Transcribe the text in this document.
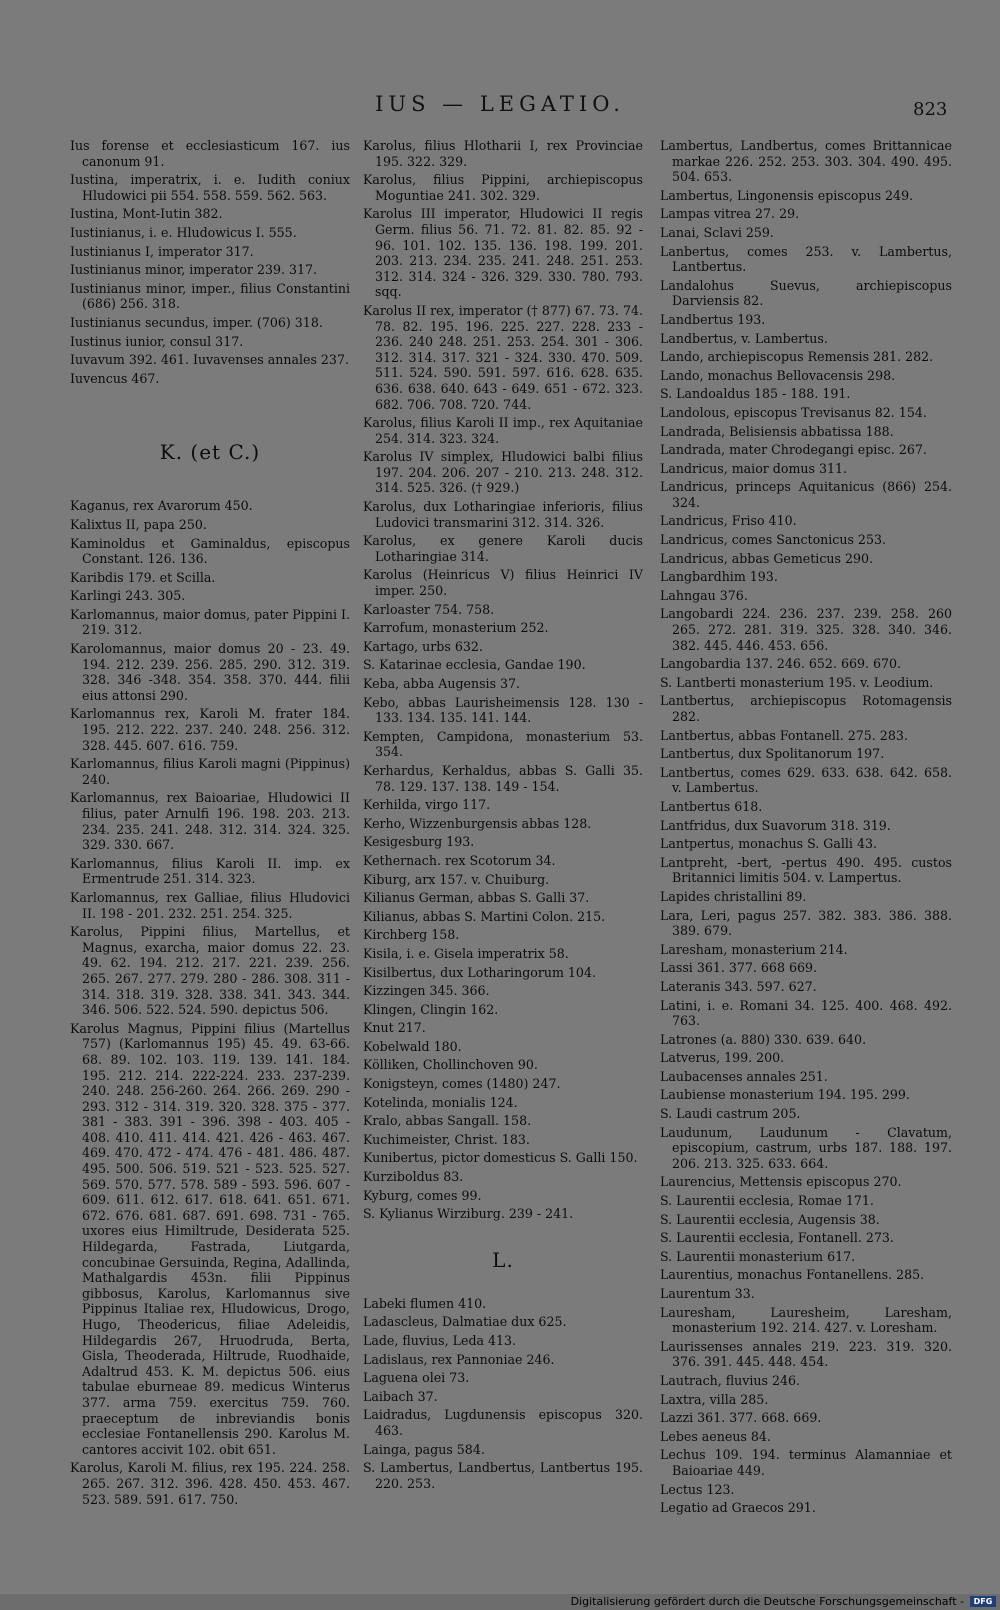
IUS — LEGATIO.	823
Ius forense et ecclesiasticum 167. ius canonum 91.
Iustina, imperatrix, i. e. Iudith coniux Hludowici pii 554. 558. 559. 562. 563.
Iustina, Mont-Iutin 382.
Iustinianus, i. e. Hludowicus I. 555.
Iustinianus I, imperator 317.
Iustinianus minor, imperator 239. 317.
Iustinianus minor, imper., filius Constantini (686) 256. 318.
Iustinianus secundus, imper. (706) 318.
Iustinus iunior, consul 317.
Iuvavum 392. 461. Iuvavenses annales 237.
Iuvencus 467.
K. (et C.)
Kaganus, rex Avarorum 450.
Kalixtus II, papa 250.
Kaminoldus et Gaminaldus, episcopus Constant. 126. 136.
Karibdis 179. et Scilla.
Karlingi 243. 305.
Karlomannus, maior domus, pater Pippini I. 219. 312.
Karolomannus, maior domus 20 - 23. 49. 194. 212. 239. 256. 285. 290. 312. 319. 328. 346 -348. 354. 358. 370. 444. filii eius attonsi 290.
Karlomannus rex, Karoli M. frater 184. 195. 212. 222. 237. 240. 248. 256. 312. 328. 445. 607. 616. 759.
Karlomannus, filius Karoli magni (Pippinus) 240.
Karlomannus, rex Baioariae, Hludowici II filius, pater Arnulfi 196. 198. 203. 213. 234. 235. 241. 248. 312. 314. 324. 325. 329. 330. 667.
Karlomannus, filius Karoli II. imp. ex Ermentrude 251. 314. 323.
Karlomannus, rex Galliae, filius Hludovici II. 198 - 201. 232. 251. 254. 325.
Karolus, Pippini filius, Martellus, et Magnus, exarcha, maior domus 22. 23. 49. 62. 194. 212. 217. 221. 239. 256. 265. 267. 277. 279. 280 - 286. 308. 311 - 314. 318. 319. 328. 338. 341. 343. 344. 346. 506. 522. 524. 590. depictus 506.
Karolus Magnus, Pippini filius (Martellus 757) (Karlomannus 195) 45. 49. 63-66. 68. 89. 102. 103. 119. 139. 141. 184. 195. 212. 214. 222-224. 233. 237-239. 240. 248. 256-260. 264. 266. 269. 290 - 293. 312 - 314. 319. 320. 328. 375 - 377. 381 - 383. 391 - 396. 398 - 403. 405 - 408. 410. 411. 414. 421. 426 - 463. 467. 469. 470. 472 - 474. 476 - 481. 486. 487. 495. 500. 506. 519. 521 - 523. 525. 527. 569. 570. 577. 578. 589 - 593. 596. 607 - 609. 611. 612. 617. 618. 641. 651. 671. 672. 676. 681. 687. 691. 698. 731 - 765. uxores eius Himiltrude, Desiderata 525. Hildegarda, Fastrada, Liutgarda, concubinae Gersuinda, Regina, Adallinda, Mathalgardis 453n. filii Pippinus gibbosus, Karolus, Karlomannus sive Pippinus Italiae rex, Hludowicus, Drogo, Hugo, Theodericus, filiae Adeleidis, Hildegardis 267, Hruodruda, Berta, Gisla, Theoderada, Hiltrude, Ruodhaide, Adaltrud 453. K. M. depictus 506. eius tabulae eburneae 89. medicus Winterus 377. arma 759. exercitus 759. 760. praeceptum de inbreviandis bonis ecclesiae Fontanellensis 290. Karolus M. cantores accivit 102. obit 651.
Karolus, Karoli M. filius, rex 195. 224. 258. 265. 267. 312. 396. 428. 450. 453. 467. 523. 589. 591. 617. 750.
Karolus, filius Hlotharii I, rex Provinciae 195. 322. 329.
Karolus, filius Pippini, archiepiscopus Moguntiae 241. 302. 329.
Karolus III imperator, Hludowici II regis Germ. filius 56. 71. 72. 81. 82. 85. 92 - 96. 101. 102. 135. 136. 198. 199. 201. 203. 213. 234. 235. 241. 248. 251. 253. 312. 314. 324 - 326. 329. 330. 780. 793. sqq.
Karolus II rex, imperator († 877) 67. 73. 74. 78. 82. 195. 196. 225. 227. 228. 233 - 236. 240 248. 251. 253. 254. 301 - 306. 312. 314. 317. 321 - 324. 330. 470. 509. 511. 524. 590. 591. 597. 616. 628. 635. 636. 638. 640. 643 - 649. 651 - 672. 323. 682. 706. 708. 720. 744.
Karolus, filius Karoli II imp., rex Aquitaniae 254. 314. 323. 324.
Karolus IV simplex, Hludowici balbi filius 197. 204. 206. 207 - 210. 213. 248. 312. 314. 525. 326. († 929.)
Karolus, dux Lotharingiae inferioris, filius Ludovici transmarini 312. 314. 326.
Karolus, ex genere Karoli ducis Lotharingiae 314.
Karolus (Heinricus V) filius Heinrici IV imper. 250.
Karloaster 754. 758.
Karrofum, monasterium 252.
Kartago, urbs 632.
S. Katarinae ecclesia, Gandae 190.
Keba, abba Augensis 37.
Kebo, abbas Laurisheimensis 128. 130 - 133. 134. 135. 141. 144.
Kempten, Campidona, monasterium 53. 354.
Kerhardus, Kerhaldus, abbas S. Galli 35. 78. 129. 137. 138. 149 - 154.
Kerhilda, virgo 117.
Kerho, Wizzenburgensis abbas 128.
Kesigesburg 193.
Kethernach. rex Scotorum 34.
Kiburg, arx 157. v. Chuiburg.
Kilianus German, abbas S. Galli 37.
Kilianus, abbas S. Martini Colon. 215.
Kirchberg 158.
Kisila, i. e. Gisela imperatrix 58.
Kisilbertus, dux Lotharingorum 104.
Kizzingen 345. 366.
Klingen, Clingin 162.
Knut 217.
Kobelwald 180.
Kölliken, Chollinchoven 90.
Konigsteyn, comes (1480) 247.
Kotelinda, monialis 124.
Kralo, abbas Sangall. 158.
Kuchimeister, Christ. 183.
Kunibertus, pictor domesticus S. Galli 150.
Kurziboldus 83.
Kyburg, comes 99.
S. Kylianus Wirziburg. 239 - 241.
L.
Labeki flumen 410.
Ladascleus, Dalmatiae dux 625.
Lade, fluvius, Leda 413.
Ladislaus, rex Pannoniae 246.
Laguena olei 73.
Laibach 37.
Laidradus, Lugdunensis episcopus 320. 463.
Lainga, pagus 584.
S. Lambertus, Landbertus, Lantbertus 195. 220. 253.
Lambertus, Landbertus, comes Brittannicae markae 226. 252. 253. 303. 304. 490. 495. 504. 653.
Lambertus, Lingonensis episcopus 249.
Lampas vitrea 27. 29.
Lanai, Sclavi 259.
Lanbertus, comes 253. v. Lambertus, Lantbertus.
Landalohus Suevus, archiepiscopus Darviensis 82.
Landbertus 193.
Landbertus, v. Lambertus.
Lando, archiepiscopus Remensis 281. 282.
Lando, monachus Bellovacensis 298.
S. Landoaldus 185 - 188. 191.
Landolous, episcopus Trevisanus 82. 154.
Landrada, Belisiensis abbatissa 188.
Landrada, mater Chrodegangi episc. 267.
Landricus, maior domus 311.
Landricus, princeps Aquitanicus (866) 254. 324.
Landricus, Friso 410.
Landricus, comes Sanctonicus 253.
Landricus, abbas Gemeticus 290.
Langbardhim 193.
Lahngau 376.
Langobardi 224. 236. 237. 239. 258. 260 265. 272. 281. 319. 325. 328. 340. 346. 382. 445. 446. 453. 656.
Langobardia 137. 246. 652. 669. 670.
S. Lantberti monasterium 195. v. Leodium.
Lantbertus, archiepiscopus Rotomagensis 282.
Lantbertus, abbas Fontanell. 275. 283.
Lantbertus, dux Spolitanorum 197.
Lantbertus, comes 629. 633. 638. 642. 658. v. Lambertus.
Lantbertus 618.
Lantfridus, dux Suavorum 318. 319.
Lantpertus, monachus S. Galli 43.
Lantpreht, -bert, -pertus 490. 495. custos Britannici limitis 504. v. Lampertus.
Lapides christallini 89.
Lara, Leri, pagus 257. 382. 383. 386. 388. 389. 679.
Laresham, monasterium 214.
Lassi 361. 377. 668 669.
Lateranis 343. 597. 627.
Latini, i. e. Romani 34. 125. 400. 468. 492. 763.
Latrones (a. 880) 330. 639. 640.
Latverus, 199. 200.
Laubacenses annales 251.
Laubiense monasterium 194. 195. 299.
S. Laudi castrum 205.
Laudunum, Laudunum - Clavatum, episcopium, castrum, urbs 187. 188. 197. 206. 213. 325. 633. 664.
Laurencius, Mettensis episcopus 270.
S. Laurentii ecclesia, Romae 171.
S. Laurentii ecclesia, Augensis 38.
S. Laurentii ecclesia, Fontanell. 273.
S. Laurentii monasterium 617.
Laurentius, monachus Fontanellens. 285.
Laurentum 33.
Lauresham, Lauresheim, Laresham, monasterium 192. 214. 427. v. Loresham.
Laurissenses annales 219. 223. 319. 320. 376. 391. 445. 448. 454.
Lautrach, fluvius 246.
Laxtra, villa 285.
Lazzi 361. 377. 668. 669.
Lebes aeneus 84.
Lechus 109. 194. terminus Alamanniae et Baioariae 449.
Lectus 123.
Legatio ad Graecos 291.
Digitalisierung gefördert durch die Deutsche Forschungsgemeinschaft -	DFG
